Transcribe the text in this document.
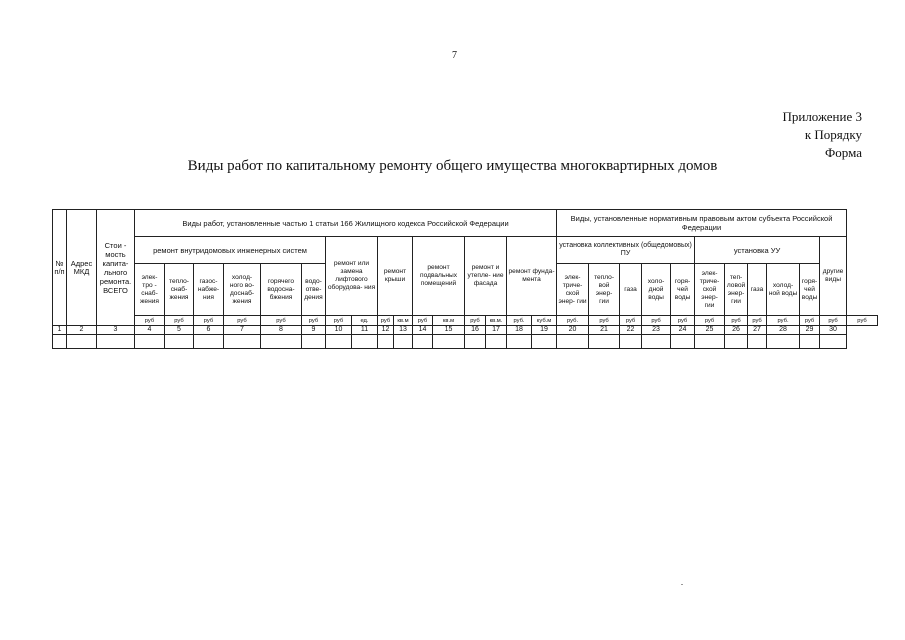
7
Приложение 3
к Порядку
Форма
Виды работ по капитальному ремонту общего имущества многоквартирных домов
№ п/п	Адрес МКД	Стои - мость капита- льного ремонта. ВСЕГО	Виды работ, установленные частью 1 статьи 166 Жилищного кодекса Российской Федерации																Виды, установленные нормативным правовым актом субъекта Российской Федерации											
			ремонт внутридомовых инженерных систем						ремонт или замена лифтового оборудова- ния		ремонт крыши		ремонт подвальных помещений		ремонт и утепле- ние фасада		ремонт фунда- мента		установка коллективных (общедомовых) ПУ					установка УУ					другие виды	
			элек- тро - снаб- жения	тепло- снаб- жения	газос- набже- ния	холод- ного во- доснаб- жения	горячего водосна- бжения	водо- отве- дения											элек- триче- ской энер- гии	тепло- вой энер- гии	газа	холо- дной воды	горя- чей воды	элек- триче- ской энер- гии	теп- ловой энер- гии	газа	холод- ной воды	горя- чей воды		
			руб	руб	руб	руб	руб	руб	руб	ед.	руб	кв.м	руб	кв.м	руб	кв.м.	руб.	куб.м	руб.	руб	руб	руб	руб	руб	руб	руб	руб.	руб	руб	руб
1	2	3	4	5	6	7	8	9	10	11	12	13	14	15	16	17	18	19	20	21	22	23	24	25	26	27	28	29	30	
